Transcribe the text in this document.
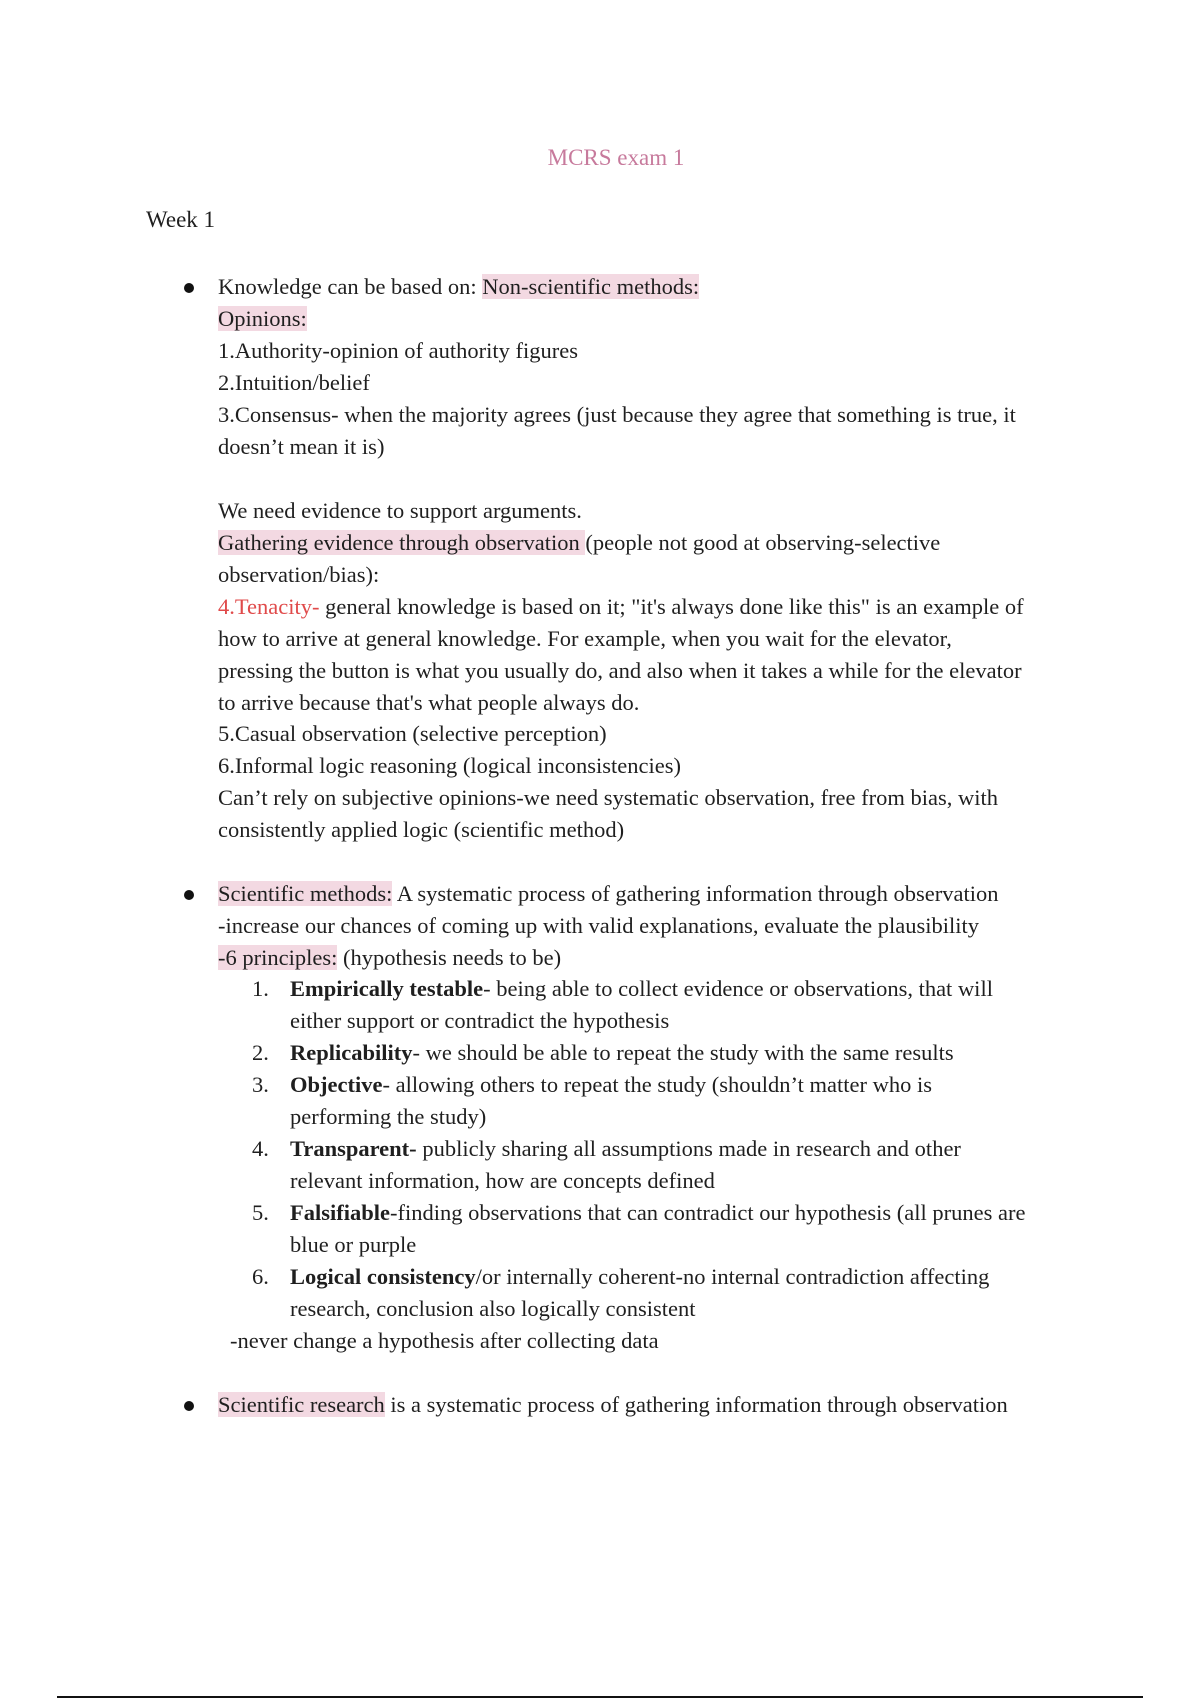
MCRS exam 1
Week 1
Knowledge can be based on: Non-scientific methods:
Opinions:
1.Authority-opinion of authority figures
2.Intuition/belief
3.Consensus- when the majority agrees (just because they agree that something is true, it
doesn’t mean it is)
We need evidence to support arguments.
Gathering evidence through observation (people not good at observing-selective
observation/bias):
4.Tenacity- general knowledge is based on it; "it's always done like this" is an example of
how to arrive at general knowledge. For example, when you wait for the elevator,
pressing the button is what you usually do, and also when it takes a while for the elevator
to arrive because that's what people always do.
5.Casual observation (selective perception)
6.Informal logic reasoning (logical inconsistencies)
Can’t rely on subjective opinions-we need systematic observation, free from bias, with
consistently applied logic (scientific method)
Scientific methods: A systematic process of gathering information through observation
-increase our chances of coming up with valid explanations, evaluate the plausibility
-6 principles: (hypothesis needs to be)
1. Empirically testable- being able to collect evidence or observations, that will
either support or contradict the hypothesis
2. Replicability- we should be able to repeat the study with the same results
3. Objective- allowing others to repeat the study (shouldn’t matter who is
performing the study)
4. Transparent- publicly sharing all assumptions made in research and other
relevant information, how are concepts defined
5. Falsifiable-finding observations that can contradict our hypothesis (all prunes are
blue or purple
6. Logical consistency/or internally coherent-no internal contradiction affecting
research, conclusion also logically consistent
-never change a hypothesis after collecting data
Scientific research is a systematic process of gathering information through observation
